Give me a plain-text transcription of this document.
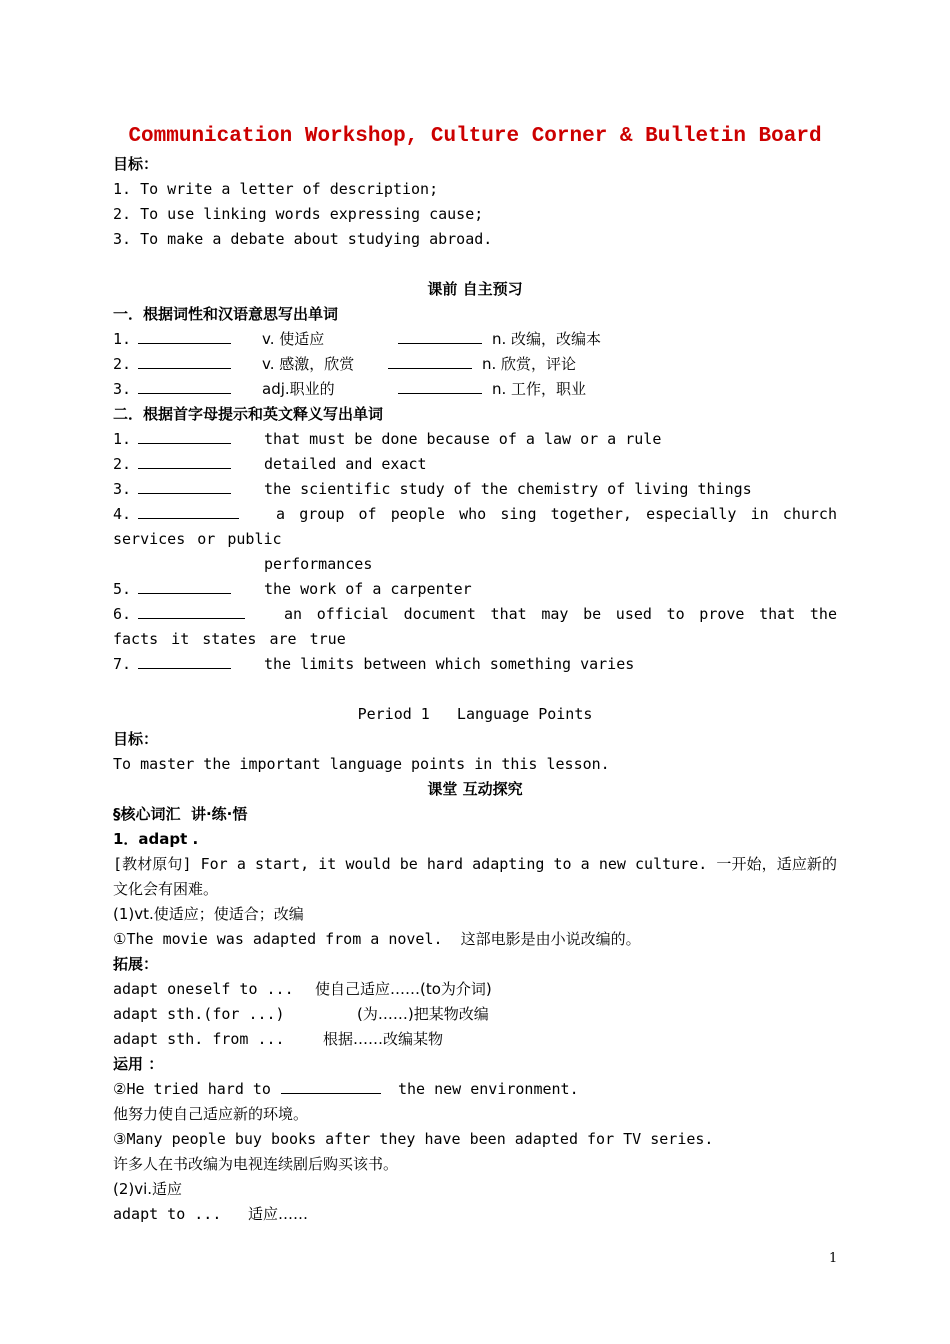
Communication Workshop, Culture Corner & Bulletin Board
目标：
1. To write a letter of description;
2. To use linking words expressing cause;
3. To make a debate about studying abroad.
课前 自主预习
一．根据词性和汉语意思写出单词
1.	v. 使适应	n. 改编，改编本
2.	v. 感激，欣赏	n. 欣赏，评论
3.	adj.职业的	n. 工作，职业
二．根据首字母提示和英文释义写出单词
1.	that must be done because of a law or a rule
2.	detailed and exact
3.	the scientific study of the chemistry of living things
4.	a group of people who sing together, especially in church services or public
performances
5.	the work of a carpenter
6.	an official document that may be used to prove that the facts it states are true
7.	the limits between which something varies
Period 1   Language Points
目标：
To master the important language points in this lesson.
课堂 互动探究
§核心词汇  讲·练·悟
1．adapt .
[教材原句] For a start, it would be hard adapting to a new culture. 一开始，适应新的文化会有困难。
(1)vt.使适应；使适合；改编
①The movie was adapted from a novel.  这部电影是由小说改编的。
拓展：
adapt oneself to ...	使自己适应……(to为介词)
adapt sth.(for ...)	(为……)把某物改编
adapt sth. from ...	根据……改编某物
运用 ：
②He tried hard to	the new environment.
他努力使自己适应新的环境。
③Many people buy books after they have been adapted for TV series.
许多人在书改编为电视连续剧后购买该书。
(2)vi.适应
adapt to ...	适应……
1
